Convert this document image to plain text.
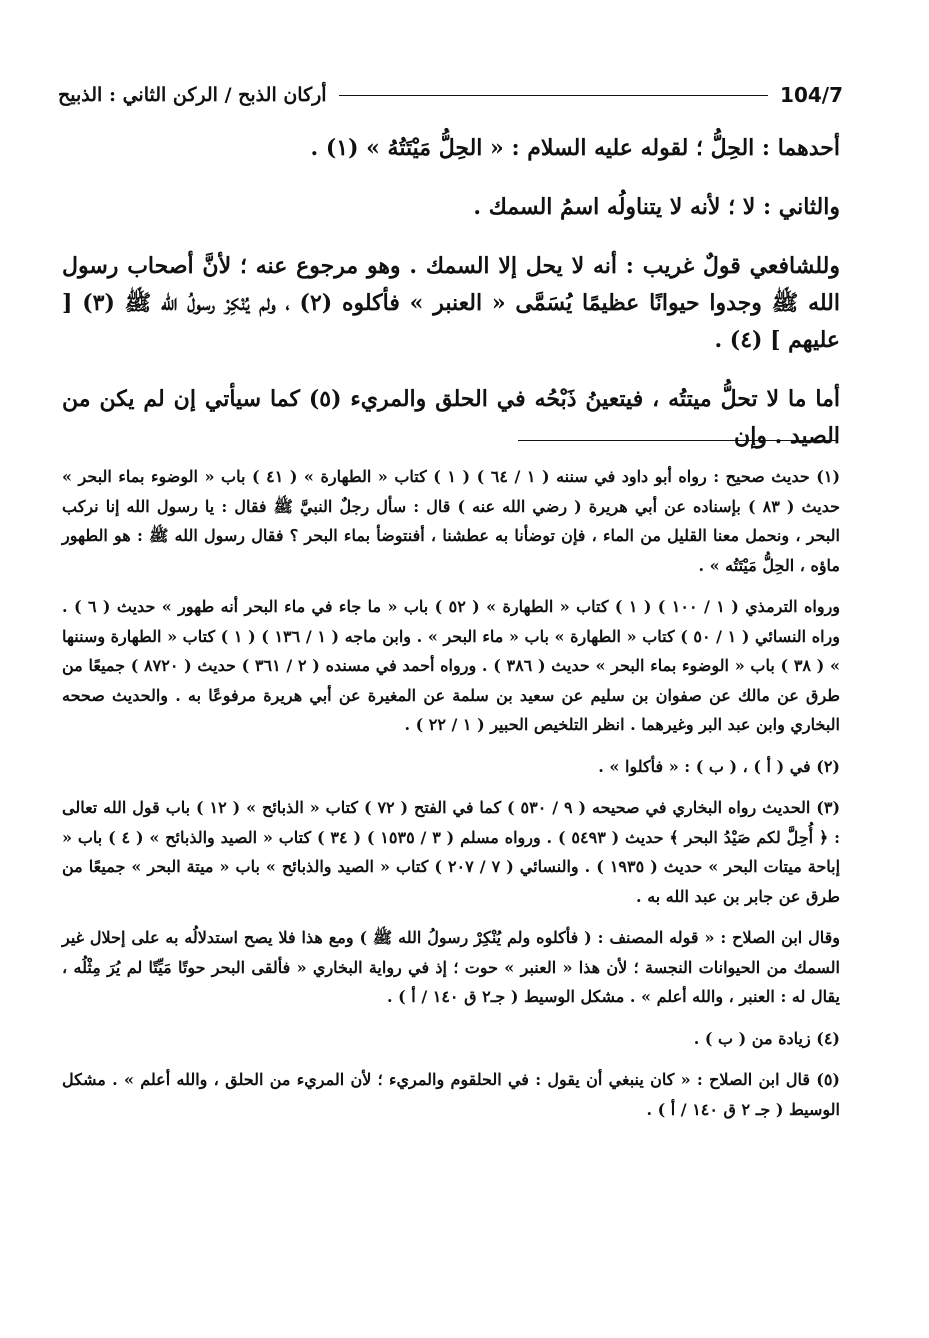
104/7
أركان الذبح / الركن الثاني : الذبيح

أحدهما : الحِلُّ ؛ لقوله عليه السلام : « الحِلُّ مَيْتَتُهُ » (١) .

والثاني : لا ؛ لأنه لا يتناولُه اسمُ السمك .

وللشافعي قولٌ غريب : أنه لا يحل إلا السمك . وهو مرجوع عنه ؛ لأنَّ أصحاب رسول الله ﷺ وجدوا حيوانًا عظيمًا يُسَمَّى « العنبر » فأكلوه (٢) ، ولم يُنْكِرْ رسولُ الله ﷺ (٣) [ عليهم ] (٤) .

أما ما لا تحلُّ ميتتُه ، فيتعينُ ذَبْحُه في الحلق والمريء (٥) كما سيأتي إن لم يكن من الصيد . وإن

(١) حديث صحيح : رواه أبو داود في سننه ( ١ / ٦٤ ) ( ١ ) كتاب « الطهارة » ( ٤١ ) باب « الوضوء بماء البحر » حديث ( ٨٣ ) بإسناده عن أبي هريرة ( رضي الله عنه ) قال : سأل رجلٌ النبيَّ ﷺ فقال : يا رسول الله إنا نركب البحر ، ونحمل معنا القليل من الماء ، فإن توضأنا به عطشنا ، أفنتوضأ بماء البحر ؟ فقال رسول الله ﷺ : هو الطهور ماؤه ، الحِلُّ مَيْتَتُه » .

ورواه الترمذي ( ١ / ١٠٠ ) ( ١ ) كتاب « الطهارة » ( ٥٢ ) باب « ما جاء في ماء البحر أنه طهور » حديث ( ٦ ) . وراه النسائي ( ١ / ٥٠ ) كتاب « الطهارة » باب « ماء البحر » . وابن ماجه ( ١ / ١٣٦ ) ( ١ ) كتاب « الطهارة وسننها » ( ٣٨ ) باب « الوضوء بماء البحر » حديث ( ٣٨٦ ) . ورواه أحمد في مسنده ( ٢ / ٣٦١ ) حديث ( ٨٧٢٠ ) جميعًا من طرق عن مالك عن صفوان بن سليم عن سعيد بن سلمة عن المغيرة عن أبي هريرة مرفوعًا به . والحديث صححه البخاري وابن عبد البر وغيرهما . انظر التلخيص الحبير ( ١ / ٢٢ ) .

(٢) في ( أ ) ، ( ب ) : « فأكلوا » .

(٣) الحديث رواه البخاري في صحيحه ( ٩ / ٥٣٠ ) كما في الفتح ( ٧٢ ) كتاب « الذبائح » ( ١٢ ) باب قول الله تعالى : ﴿ أُحِلَّ لكم صَيْدُ البحر ﴾ حديث ( ٥٤٩٣ ) . ورواه مسلم ( ٣ / ١٥٣٥ ) ( ٣٤ ) كتاب « الصيد والذبائح » ( ٤ ) باب « إباحة ميتات البحر » حديث ( ١٩٣٥ ) . والنسائي ( ٧ / ٢٠٧ ) كتاب « الصيد والذبائح » باب « ميتة البحر » جميعًا من طرق عن جابر بن عبد الله به .

وقال ابن الصلاح : « قوله المصنف : ( فأكلوه ولم يُنْكِرْ رسولُ الله ﷺ ) ومع هذا فلا يصح استدلالُه به على إحلال غير السمك من الحيوانات النجسة ؛ لأن هذا « العنبر » حوت ؛ إذ في رواية البخاري « فألقى البحر حوتًا مَيِّتًا لم يُرَ مِثْلُه ، يقال له : العنبر ، والله أعلم » . مشكل الوسيط ( جـ٢ ق ١٤٠ / أ ) .

(٤) زيادة من ( ب ) .

(٥) قال ابن الصلاح : « كان ينبغي أن يقول : في الحلقوم والمريء ؛ لأن المريء من الحلق ، والله أعلم » . مشكل الوسيط ( جـ ٢ ق ١٤٠ / أ ) .
